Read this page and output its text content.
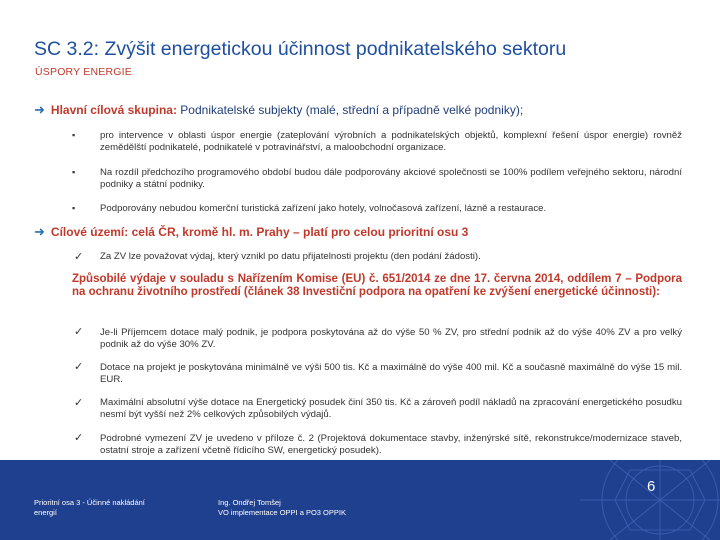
SC 3.2: Zvýšit energetickou účinnost podnikatelského sektoru
ÚSPORY ENERGIE
➜ Hlavní cílová skupina: Podnikatelské subjekty (malé, střední a případně velké podniky);
▪	pro intervence v oblasti úspor energie (zateplování výrobních a podnikatelských objektů, komplexní řešení úspor energie) rovněž zemědělští podnikatelé, podnikatelé v potravinářství, a maloobchodní organizace.
▪	Na rozdíl předchozího programového období budou dále podporovány akciové společnosti se 100% podílem veřejného sektoru, národní podniky a státní podniky.
▪	Podporovány nebudou komerční turistická zařízení jako hotely, volnočasová zařízení, lázně a restaurace.
➜ Cílové území: celá ČR, kromě hl. m. Prahy – platí pro celou prioritní osu 3
✓ Za ZV lze považovat výdaj, který vznikl po datu přijatelnosti projektu (den podání žádosti).
Způsobilé výdaje v souladu s Nařízením Komise (EU) č. 651/2014 ze dne 17. června 2014, oddílem 7 – Podpora na ochranu životního prostředí (článek 38 Investiční podpora na opatření ke zvýšení energetické účinnosti):
✓ Je-li Příjemcem dotace malý podnik, je podpora poskytována až do výše 50 % ZV, pro střední podnik až do výše 40% ZV a pro velký podnik až do výše 30% ZV.
✓ Dotace na projekt je poskytována minimálně ve výši 500 tis. Kč a maximálně do výše 400 mil. Kč a současně maximálně do výše 15 mil. EUR.
✓ Maximální absolutní výše dotace na Energetický posudek činí 350 tis. Kč a zároveň podíl nákladů na zpracování energetického posudku nesmí být vyšší než 2% celkových způsobilých výdajů.
✓ Podrobné vymezení ZV je uvedeno v příloze č. 2 (Projektová dokumentace stavby, inženýrské sítě, rekonstrukce/modernizace staveb, ostatní stroje a zařízení včetně řídicího SW, energetický posudek).
Prioritní osa 3 - Účinné nakládání
energií
Ing. Ondřej Tomšej
VO implementace OPPI a PO3 OPPIK
6
